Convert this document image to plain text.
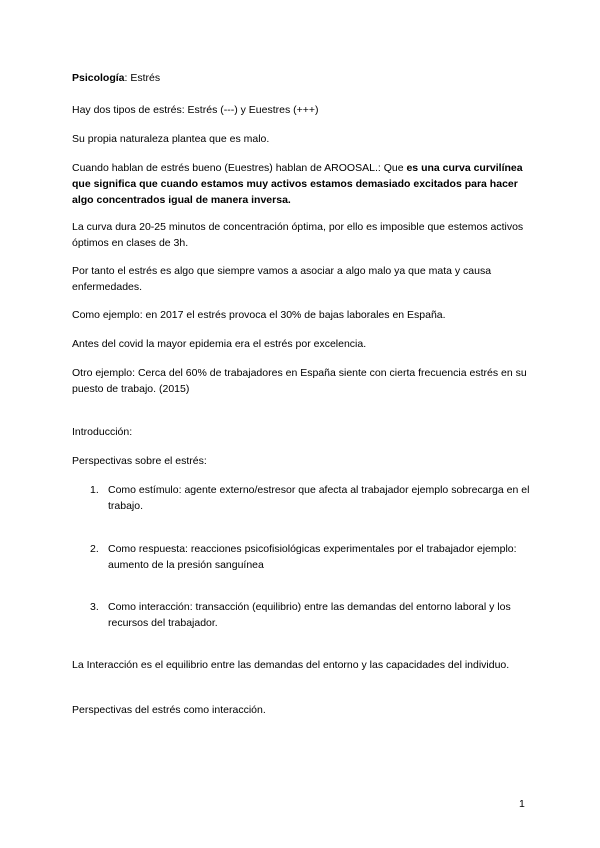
Psicología: Estrés

Hay dos tipos de estrés: Estrés (---) y Euestres (+++)

Su propia naturaleza plantea que es malo.

Cuando hablan de estrés bueno (Euestres) hablan de AROOSAL.: Que es una curva curvilínea que significa que cuando estamos muy activos estamos demasiado excitados para hacer algo concentrados igual de manera inversa.

La curva dura 20-25 minutos de concentración óptima, por ello es imposible que estemos activos óptimos en clases de 3h.

Por tanto el estrés es algo que siempre vamos a asociar a algo malo ya que mata y causa enfermedades.

Como ejemplo: en 2017 el estrés provoca el 30% de bajas laborales en España.

Antes del covid la mayor epidemia era el estrés por excelencia.

Otro ejemplo: Cerca del 60% de trabajadores en España siente con cierta frecuencia estrés en su puesto de trabajo. (2015)

Introducción:

Perspectivas sobre el estrés:

1. Como estímulo: agente externo/estresor que afecta al trabajador ejemplo sobrecarga en el trabajo.
2. Como respuesta: reacciones psicofisiológicas experimentales por el trabajador ejemplo: aumento de la presión sanguínea
3. Como interacción: transacción (equilibrio) entre las demandas del entorno laboral y los recursos del trabajador.

La Interacción es el equilibrio entre las demandas del entorno y las capacidades del individuo.

Perspectivas del estrés como interacción.

1
